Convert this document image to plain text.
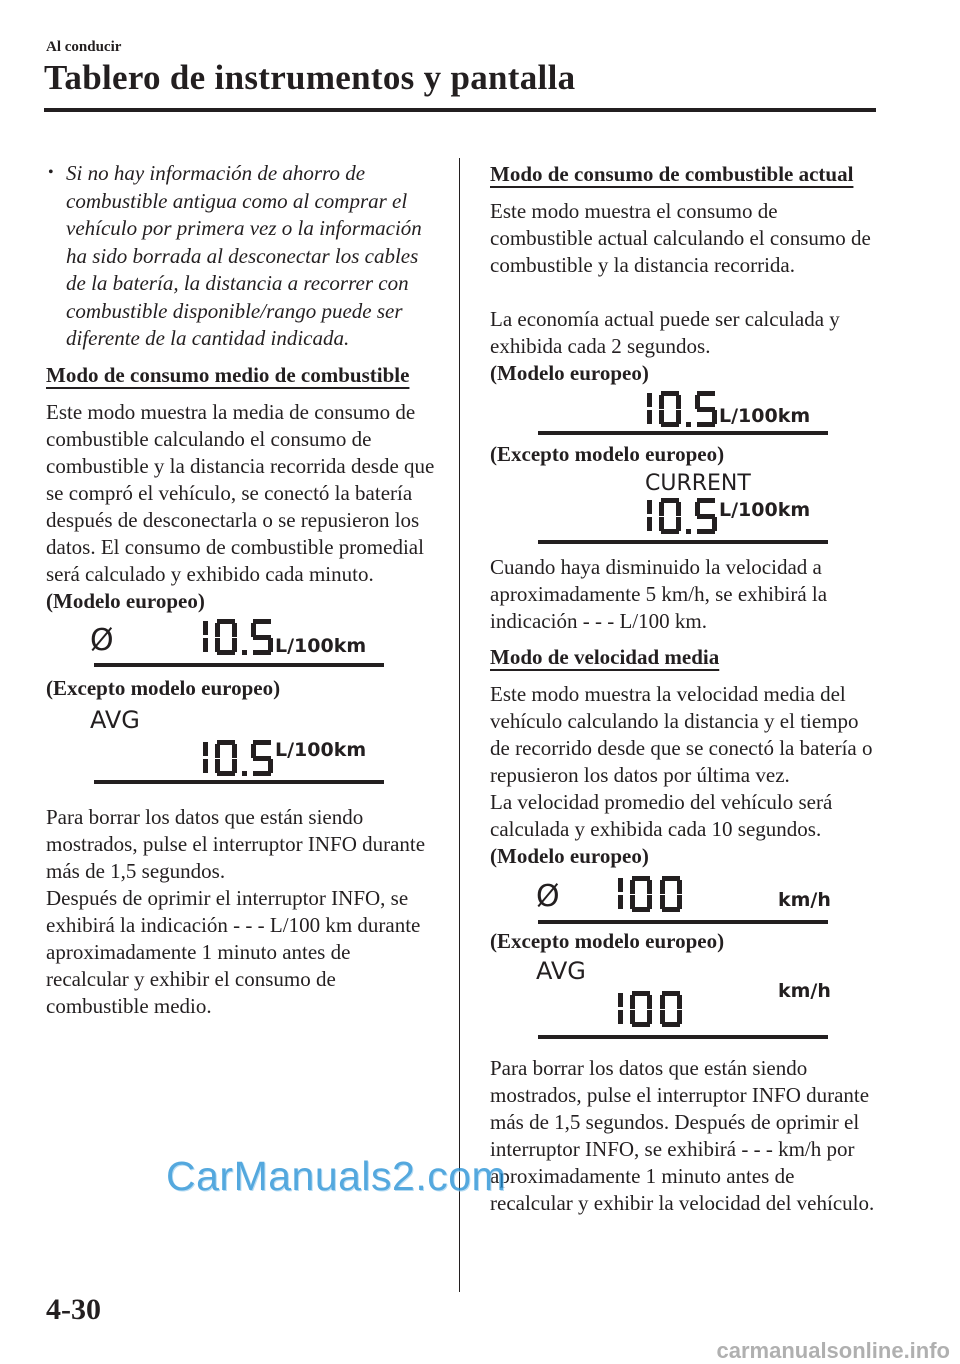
Al conducir
Tablero de instrumentos y pantalla

• Si no hay información de ahorro de combustible antigua como al comprar el vehículo por primera vez o la información ha sido borrada al desconectar los cables de la batería, la distancia a recorrer con combustible disponible/rango puede ser diferente de la cantidad indicada.

Modo de consumo medio de combustible

Este modo muestra la media de consumo de combustible calculando el consumo de combustible y la distancia recorrida desde que se compró el vehículo, se conectó la batería después de desconectarla o se repusieron los datos. El consumo de combustible promedial será calculado y exhibido cada minuto.

(Modelo europeo)

Ø	L/100km

(Excepto modelo europeo)

AVG
L/100km

Para borrar los datos que están siendo mostrados, pulse el interruptor INFO durante más de 1,5 segundos.

Después de oprimir el interruptor INFO, se exhibirá la indicación - - - L/100 km durante aproximadamente 1 minuto antes de recalcular y exhibir el consumo de combustible medio.

Modo de consumo de combustible actual

Este modo muestra el consumo de combustible actual calculando el consumo de combustible y la distancia recorrida.

La economía actual puede ser calculada y exhibida cada 2 segundos.

(Modelo europeo)

L/100km

(Excepto modelo europeo)

CURRENT
L/100km

Cuando haya disminuido la velocidad a aproximadamente 5 km/h, se exhibirá la indicación - - - L/100 km.

Modo de velocidad media

Este modo muestra la velocidad media del vehículo calculando la distancia y el tiempo de recorrido desde que se conectó la batería o repusieron los datos por última vez.

La velocidad promedio del vehículo será calculada y exhibida cada 10 segundos.

(Modelo europeo)

Ø	km/h

(Excepto modelo europeo)

AVG
km/h

Para borrar los datos que están siendo mostrados, pulse el interruptor INFO durante más de 1,5 segundos. Después de oprimir el interruptor INFO, se exhibirá - - - km/h por aproximadamente 1 minuto antes de recalcular y exhibir la velocidad del vehículo.

CarManuals2.com
4-30
carmanualsonline.info
